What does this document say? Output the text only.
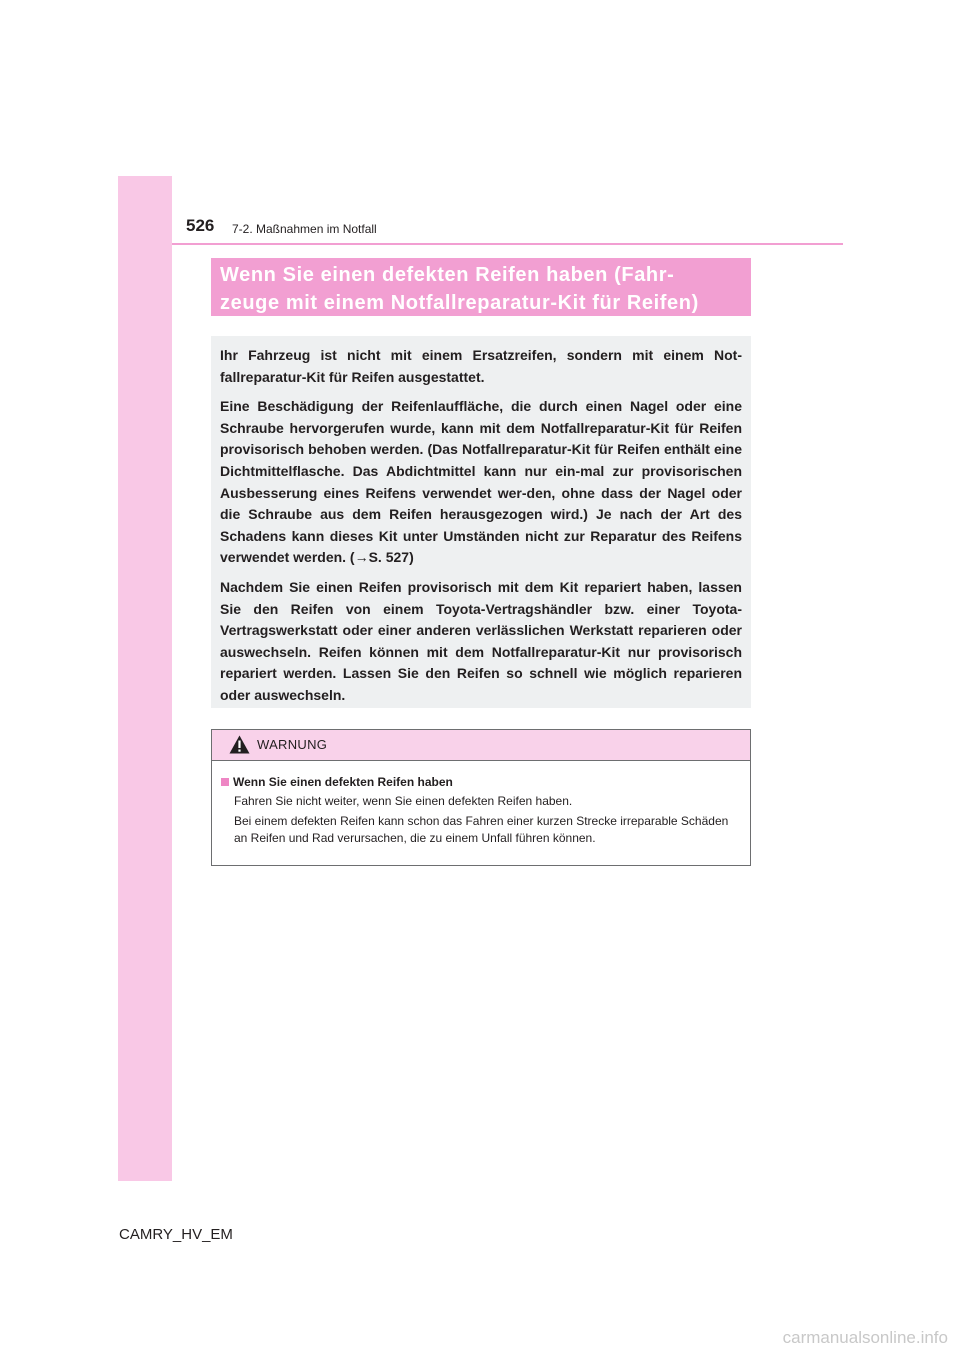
526 7-2. Maßnahmen im Notfall
Wenn Sie einen defekten Reifen haben (Fahr-
zeuge mit einem Notfallreparatur-Kit für Reifen)

Ihr Fahrzeug ist nicht mit einem Ersatzreifen, sondern mit einem Not-fallreparatur-Kit für Reifen ausgestattet.

Eine Beschädigung der Reifenlauffläche, die durch einen Nagel oder eine Schraube hervorgerufen wurde, kann mit dem Notfallreparatur-Kit für Reifen provisorisch behoben werden. (Das Notfallreparatur-Kit für Reifen enthält eine Dichtmittelflasche. Das Abdichtmittel kann nur ein-mal zur provisorischen Ausbesserung eines Reifens verwendet wer-den, ohne dass der Nagel oder die Schraube aus dem Reifen herausgezogen wird.) Je nach der Art des Schadens kann dieses Kit unter Umständen nicht zur Reparatur des Reifens verwendet werden. (→S. 527)

Nachdem Sie einen Reifen provisorisch mit dem Kit repariert haben, lassen Sie den Reifen von einem Toyota-Vertragshändler bzw. einer Toyota-Vertragswerkstatt oder einer anderen verlässlichen Werkstatt reparieren oder auswechseln. Reifen können mit dem Notfallreparatur-Kit nur provisorisch repariert werden. Lassen Sie den Reifen so schnell wie möglich reparieren oder auswechseln.

WARNUNG

Wenn Sie einen defekten Reifen haben

Fahren Sie nicht weiter, wenn Sie einen defekten Reifen haben.

Bei einem defekten Reifen kann schon das Fahren einer kurzen Strecke irreparable Schäden an Reifen und Rad verursachen, die zu einem Unfall führen können.

CAMRY_HV_EM
carmanualsonline.info
